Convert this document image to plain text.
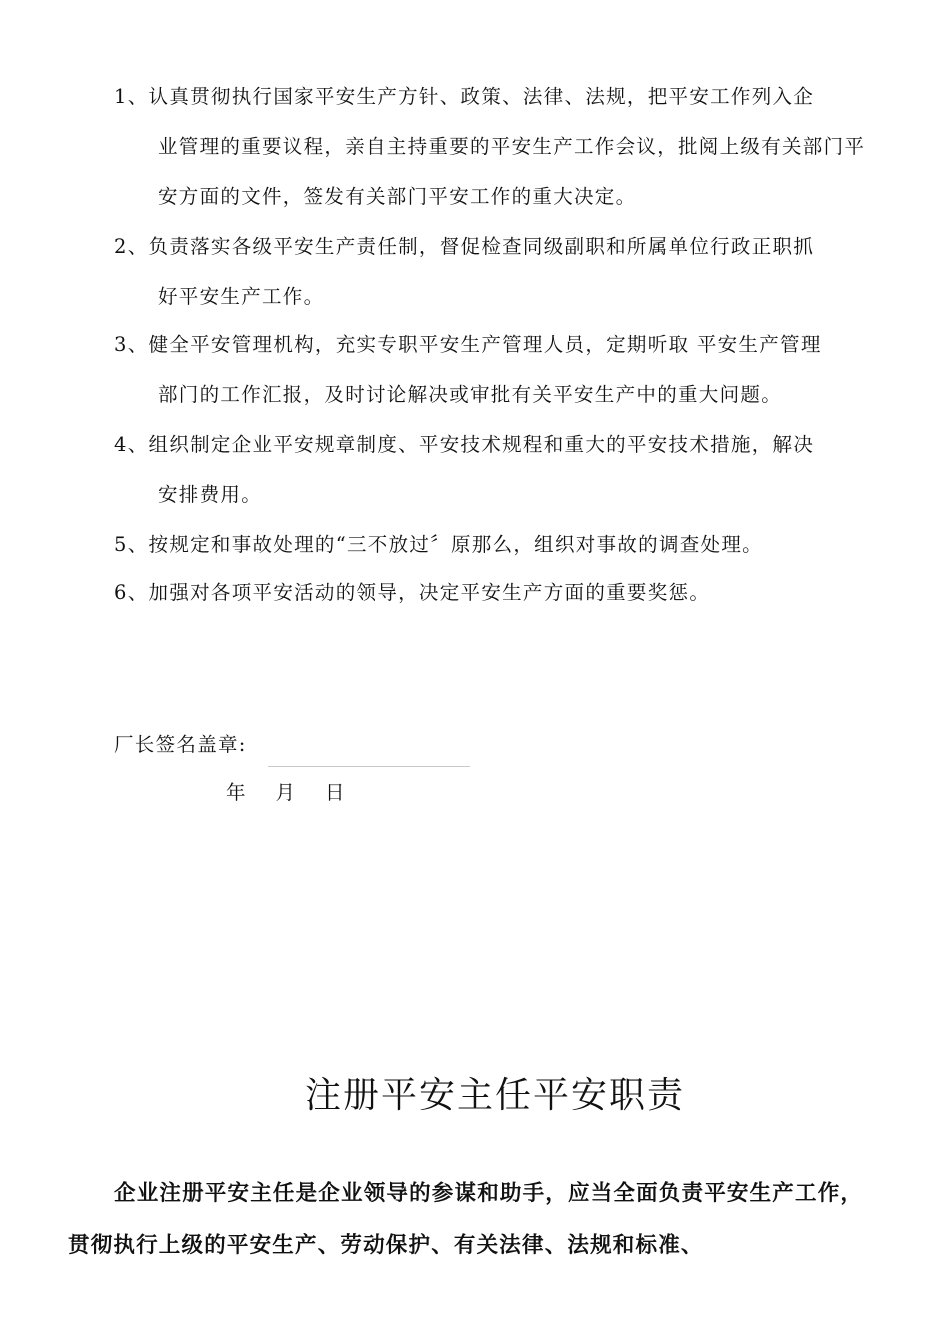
1、认真贯彻执行国家平安生产方针、政策、法律、法规，把平安工作列入企
业管理的重要议程，亲自主持重要的平安生产工作会议，批阅上级有关部门平安方面的文件，签发有关部门平安工作的重大决定。
2、负责落实各级平安生产责任制，督促检查同级副职和所属单位行政正职抓
好平安生产工作。
3、健全平安管理机构，充实专职平安生产管理人员，定期听取 平安生产管理
部门的工作汇报，及时讨论解决或审批有关平安生产中的重大问题。
4、组织制定企业平安规章制度、平安技术规程和重大的平安技术措施，解决
安排费用。
5、按规定和事故处理的“三不放过〞原那么，组织对事故的调查处理。
6、加强对各项平安活动的领导，决定平安生产方面的重要奖惩。
厂长签名盖章:
年 月 日
注册平安主任平安职责

企业注册平安主任是企业领导的参谋和助手，应当全面负责平安生产工作，贯彻执行上级的平安生产、劳动保护、有关法律、法规和标准、
